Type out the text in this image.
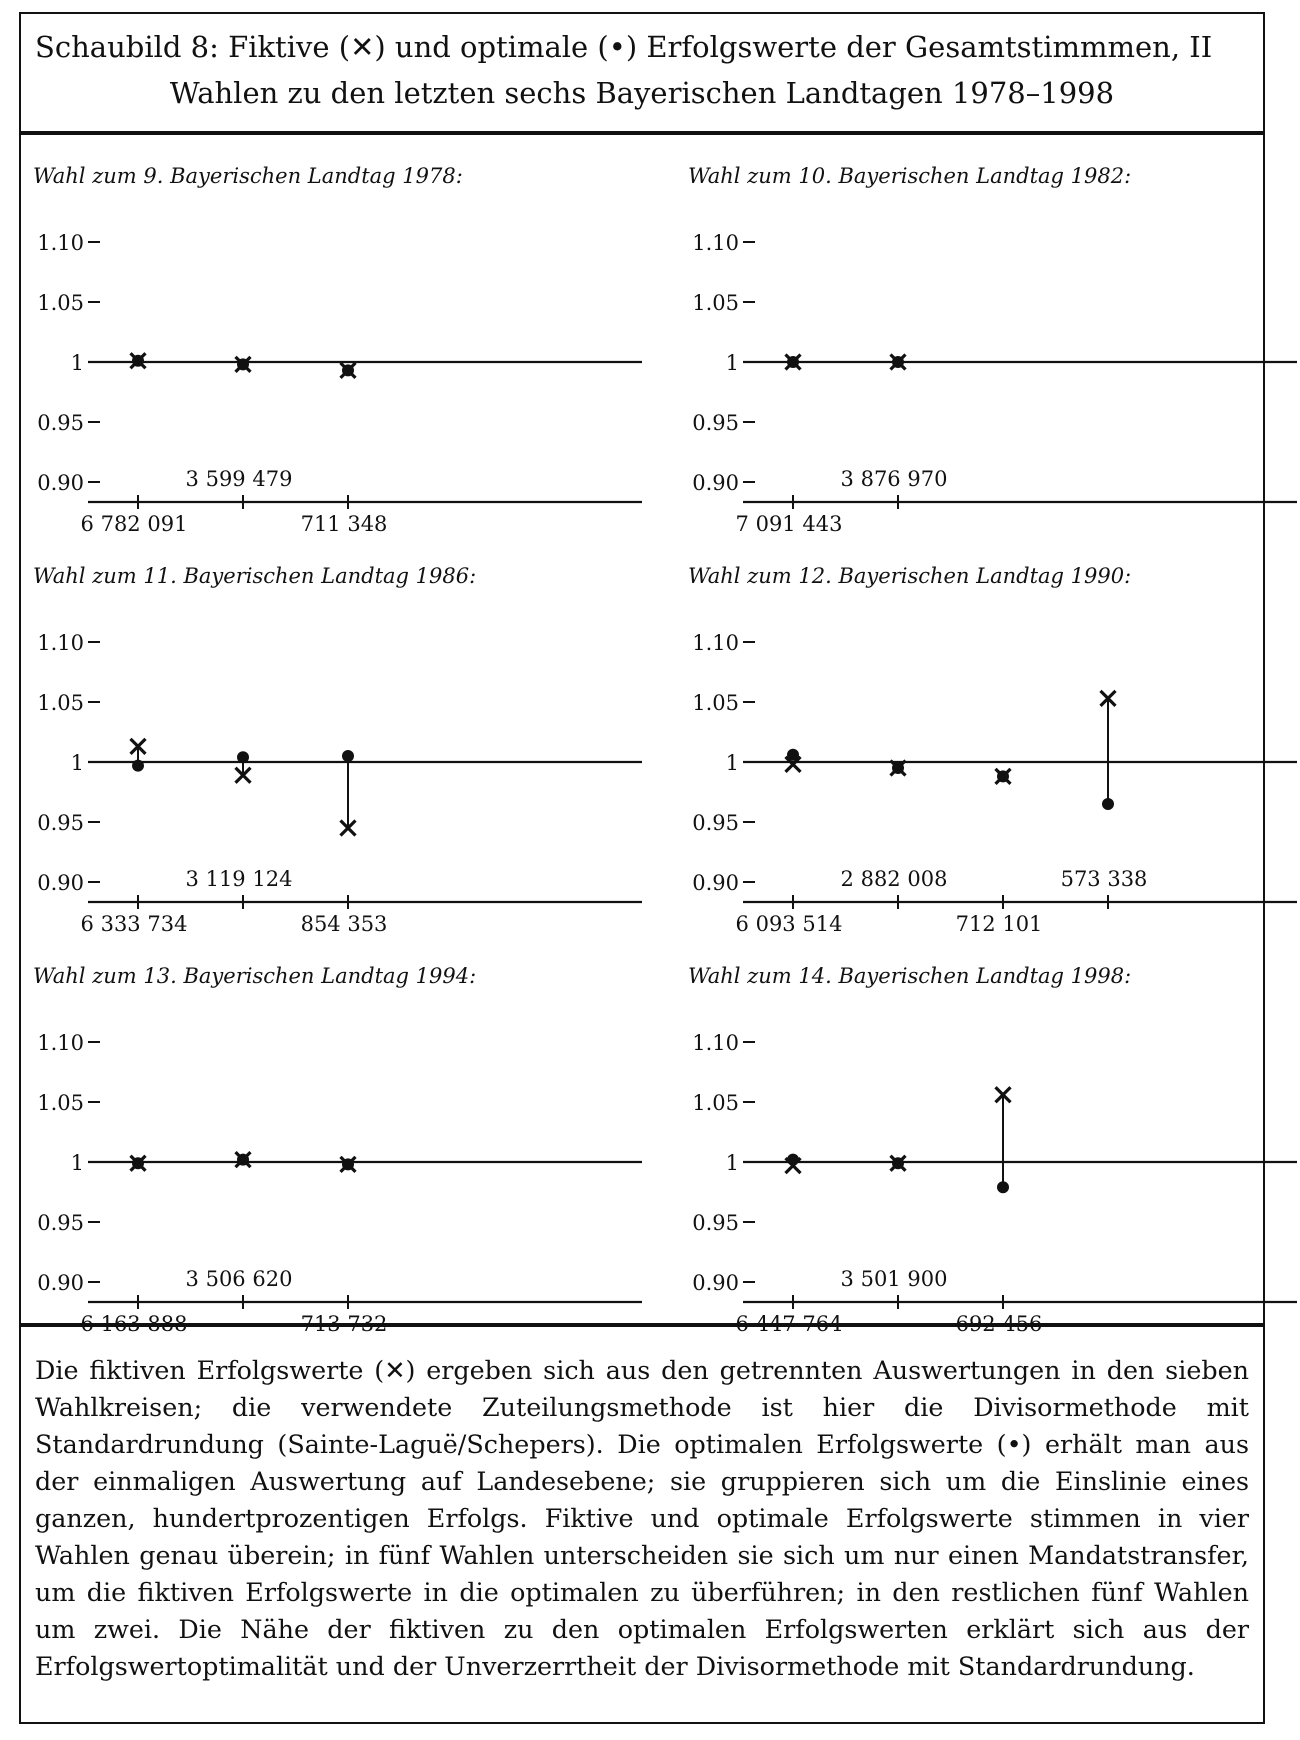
Schaubild 8: Fiktive (✕) und optimale (•) Erfolgswerte der Gesamtstimmmen, II
Wahlen zu den letzten sechs Bayerischen Landtagen 1978–1998
Die fiktiven Erfolgswerte (✕) ergeben sich aus den getrennten Auswertungen in den sieben Wahlkreisen; die verwendete Zuteilungsmethode ist hier die Divisormethode mit Standardrundung (Sainte-Laguë/Schepers). Die optimalen Erfolgswerte (•) erhält man aus der einmaligen Auswertung auf Landesebene; sie gruppieren sich um die Einslinie eines ganzen, hundertprozentigen Erfolgs. Fiktive und optimale Erfolgswerte stimmen in vier Wahlen genau überein; in fünf Wahlen unterscheiden sie sich um nur einen Mandatstransfer, um die fiktiven Erfolgswerte in die optimalen zu überführen; in den restlichen fünf Wahlen um zwei. Die Nähe der fiktiven zu den optimalen Erfolgswerten erklärt sich aus der Erfolgswertoptimalität und der Unverzerrtheit der Divisormethode mit Standardrundung.
Wahl zum 9. Bayerischen Landtag 1978:
1.10
1.05
1
0.95
0.90
6 782 091
3 599 479
711 348
Wahl zum 10. Bayerischen Landtag 1982:
1.10
1.05
1
0.95
0.90
7 091 443
3 876 970
Wahl zum 11. Bayerischen Landtag 1986:
1.10
1.05
1
0.95
0.90
6 333 734
3 119 124
854 353
Wahl zum 12. Bayerischen Landtag 1990:
1.10
1.05
1
0.95
0.90
6 093 514
2 882 008
712 101
573 338
Wahl zum 13. Bayerischen Landtag 1994:
1.10
1.05
1
0.95
0.90
6 163 888
3 506 620
713 732
Wahl zum 14. Bayerischen Landtag 1998:
1.10
1.05
1
0.95
0.90
6 447 764
3 501 900
692 456
